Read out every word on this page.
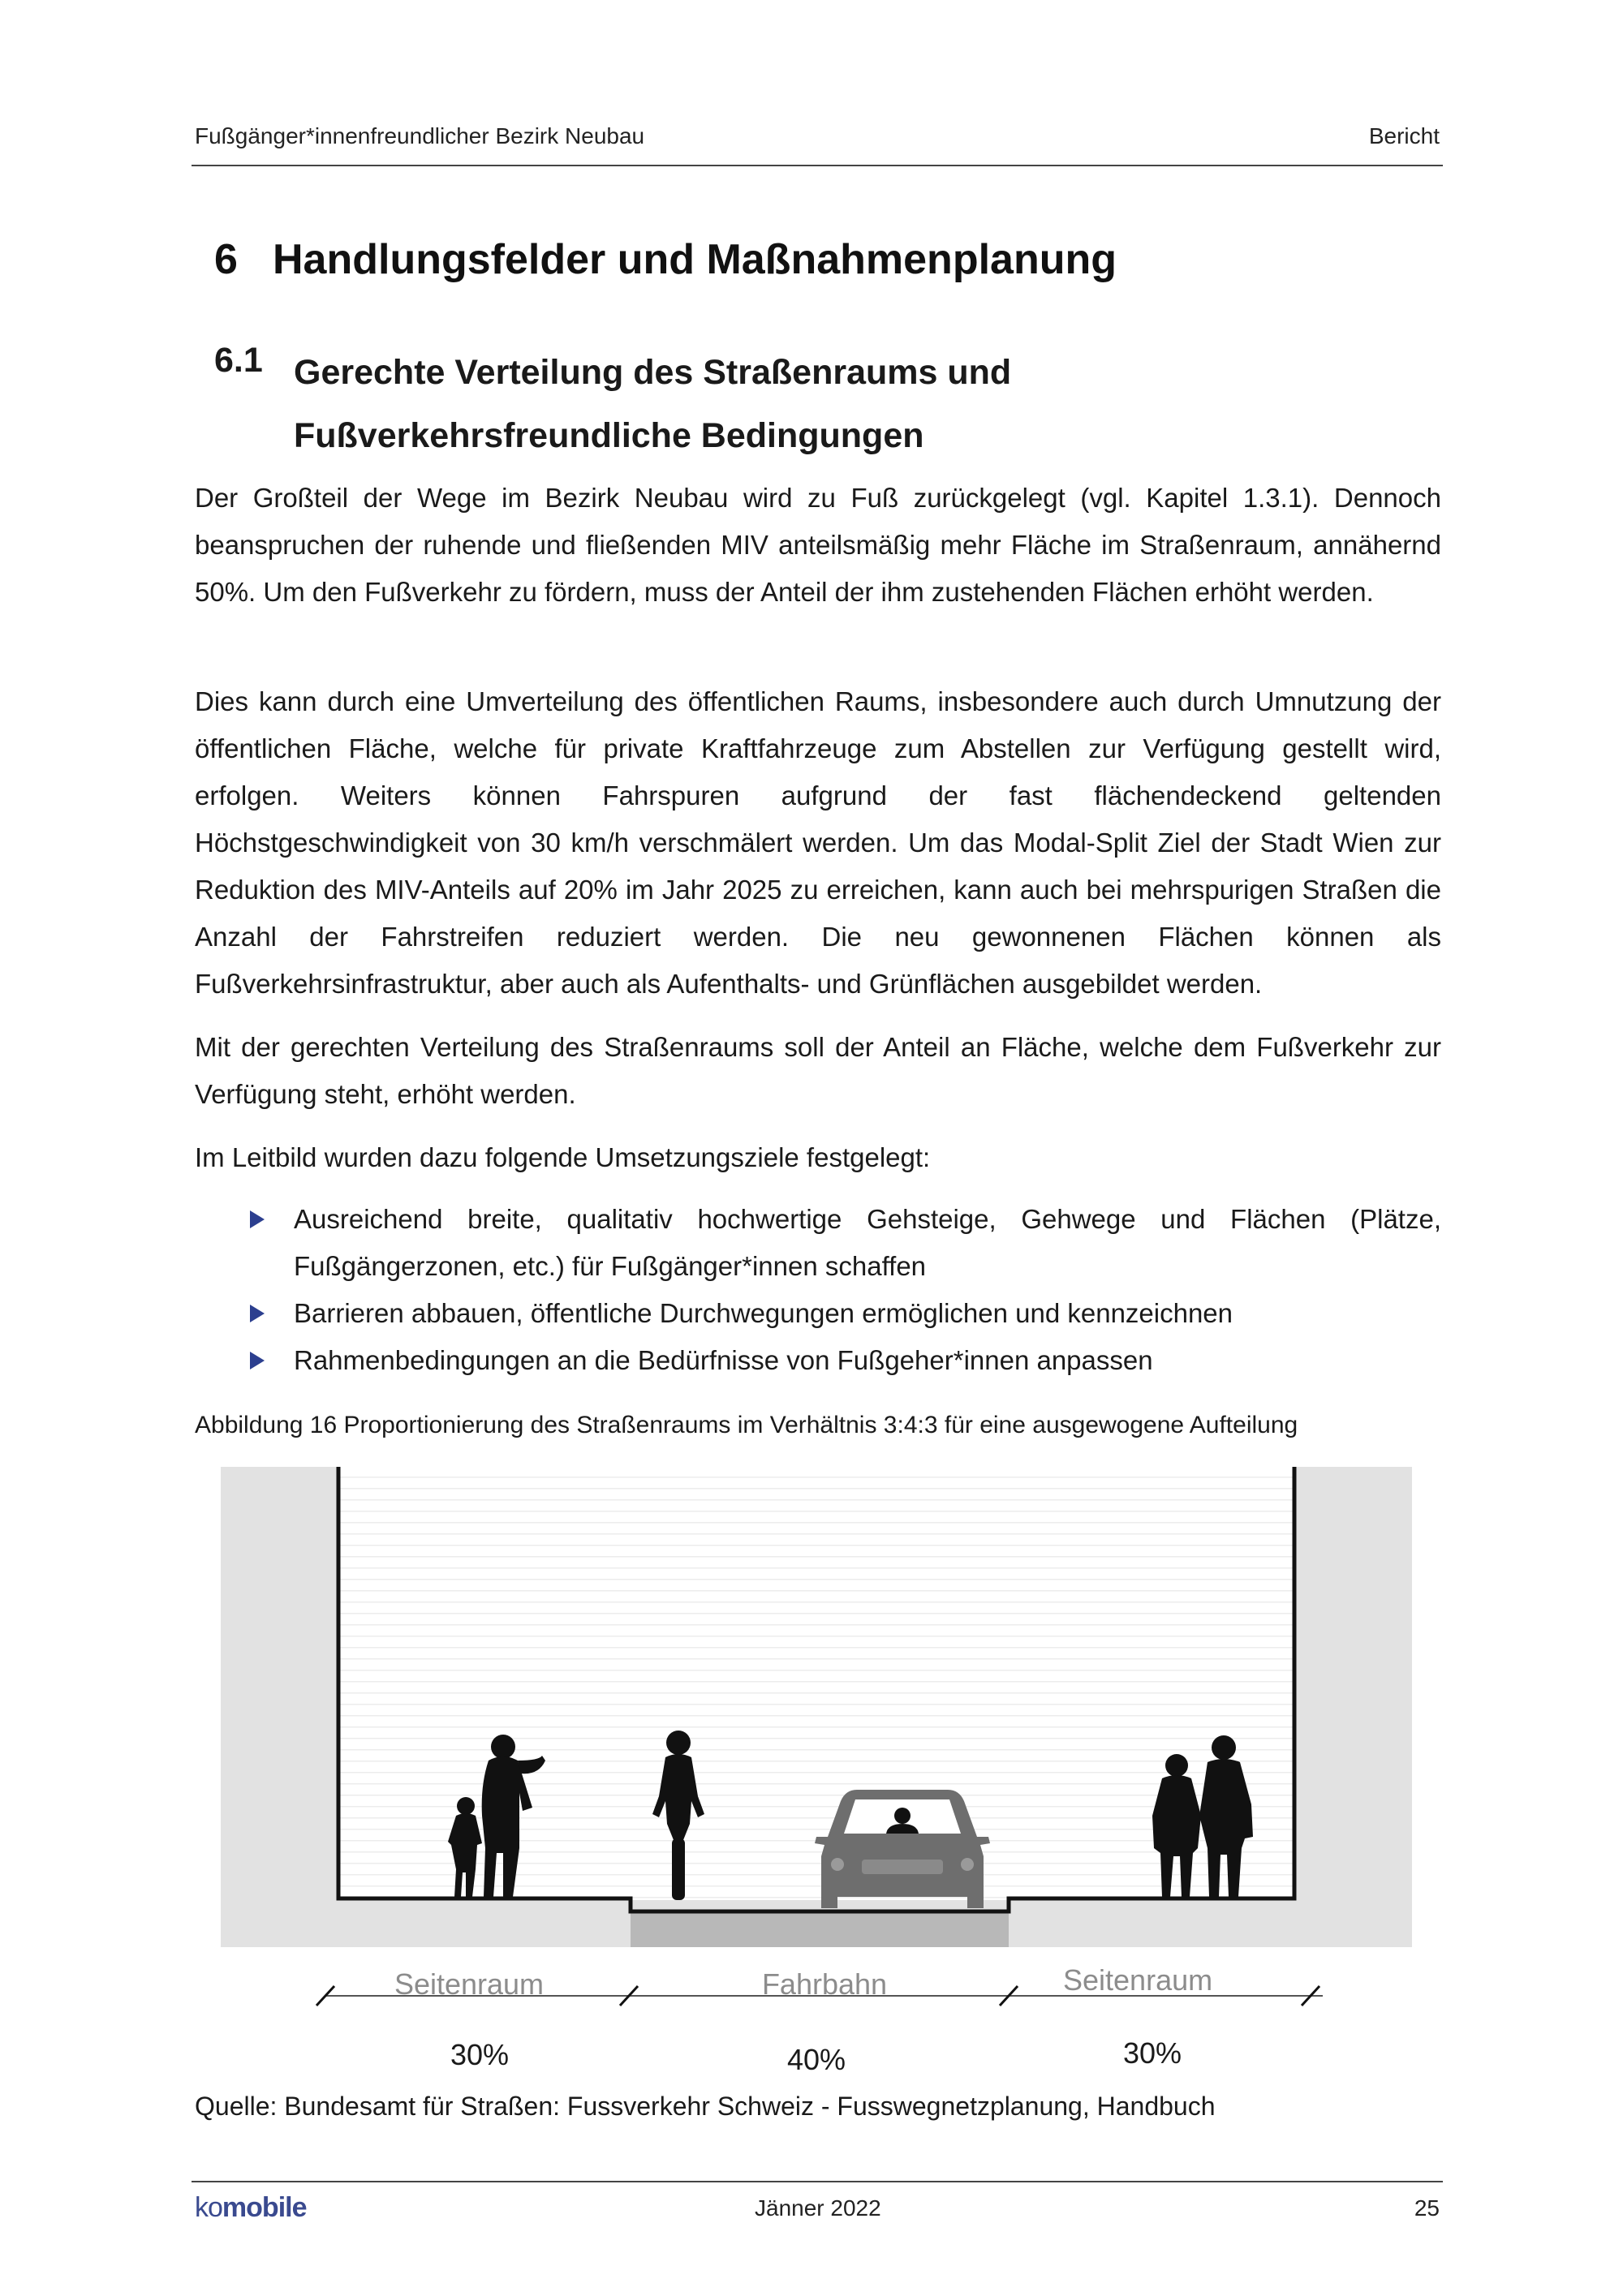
Fußgänger*innenfreundlicher Bezirk Neubau	Bericht
6 Handlungsfelder und Maßnahmenplanung
6.1 Gerechte Verteilung des Straßenraums und
Fußverkehrsfreundliche Bedingungen

Der Großteil der Wege im Bezirk Neubau wird zu Fuß zurückgelegt (vgl. Kapitel 1.3.1). Dennoch beanspruchen der ruhende und fließenden MIV anteilsmäßig mehr Fläche im Straßenraum, annähernd 50%. Um den Fußverkehr zu fördern, muss der Anteil der ihm zustehenden Flächen erhöht werden.

Dies kann durch eine Umverteilung des öffentlichen Raums, insbesondere auch durch Umnutzung der öffentlichen Fläche, welche für private Kraftfahrzeuge zum Abstellen zur Verfügung gestellt wird, erfolgen. Weiters können Fahrspuren aufgrund der fast flächendeckend geltenden Höchstgeschwindigkeit von 30 km/h verschmälert werden. Um das Modal-Split Ziel der Stadt Wien zur Reduktion des MIV-Anteils auf 20% im Jahr 2025 zu erreichen, kann auch bei mehrspurigen Straßen die Anzahl der Fahrstreifen reduziert werden. Die neu gewonnenen Flächen können als Fußverkehrsinfrastruktur, aber auch als Aufenthalts- und Grünflächen ausgebildet werden.

Mit der gerechten Verteilung des Straßenraums soll der Anteil an Fläche, welche dem Fußverkehr zur Verfügung steht, erhöht werden.

Im Leitbild wurden dazu folgende Umsetzungsziele festgelegt:

Ausreichend breite, qualitativ hochwertige Gehsteige, Gehwege und Flächen (Plätze, Fußgängerzonen, etc.) für Fußgänger*innen schaffen
Barrieren abbauen, öffentliche Durchwegungen ermöglichen und kennzeichnen
Rahmenbedingungen an die Bedürfnisse von Fußgeher*innen anpassen
Abbildung 16 Proportionierung des Straßenraums im Verhältnis 3:4:3 für eine ausgewogene Aufteilung
Seitenraum	Fahrbahn	Seitenraum
30%	40%	30%
Quelle: Bundesamt für Straßen: Fussverkehr Schweiz - Fusswegnetzplanung, Handbuch
komobile	Jänner 2022	25
